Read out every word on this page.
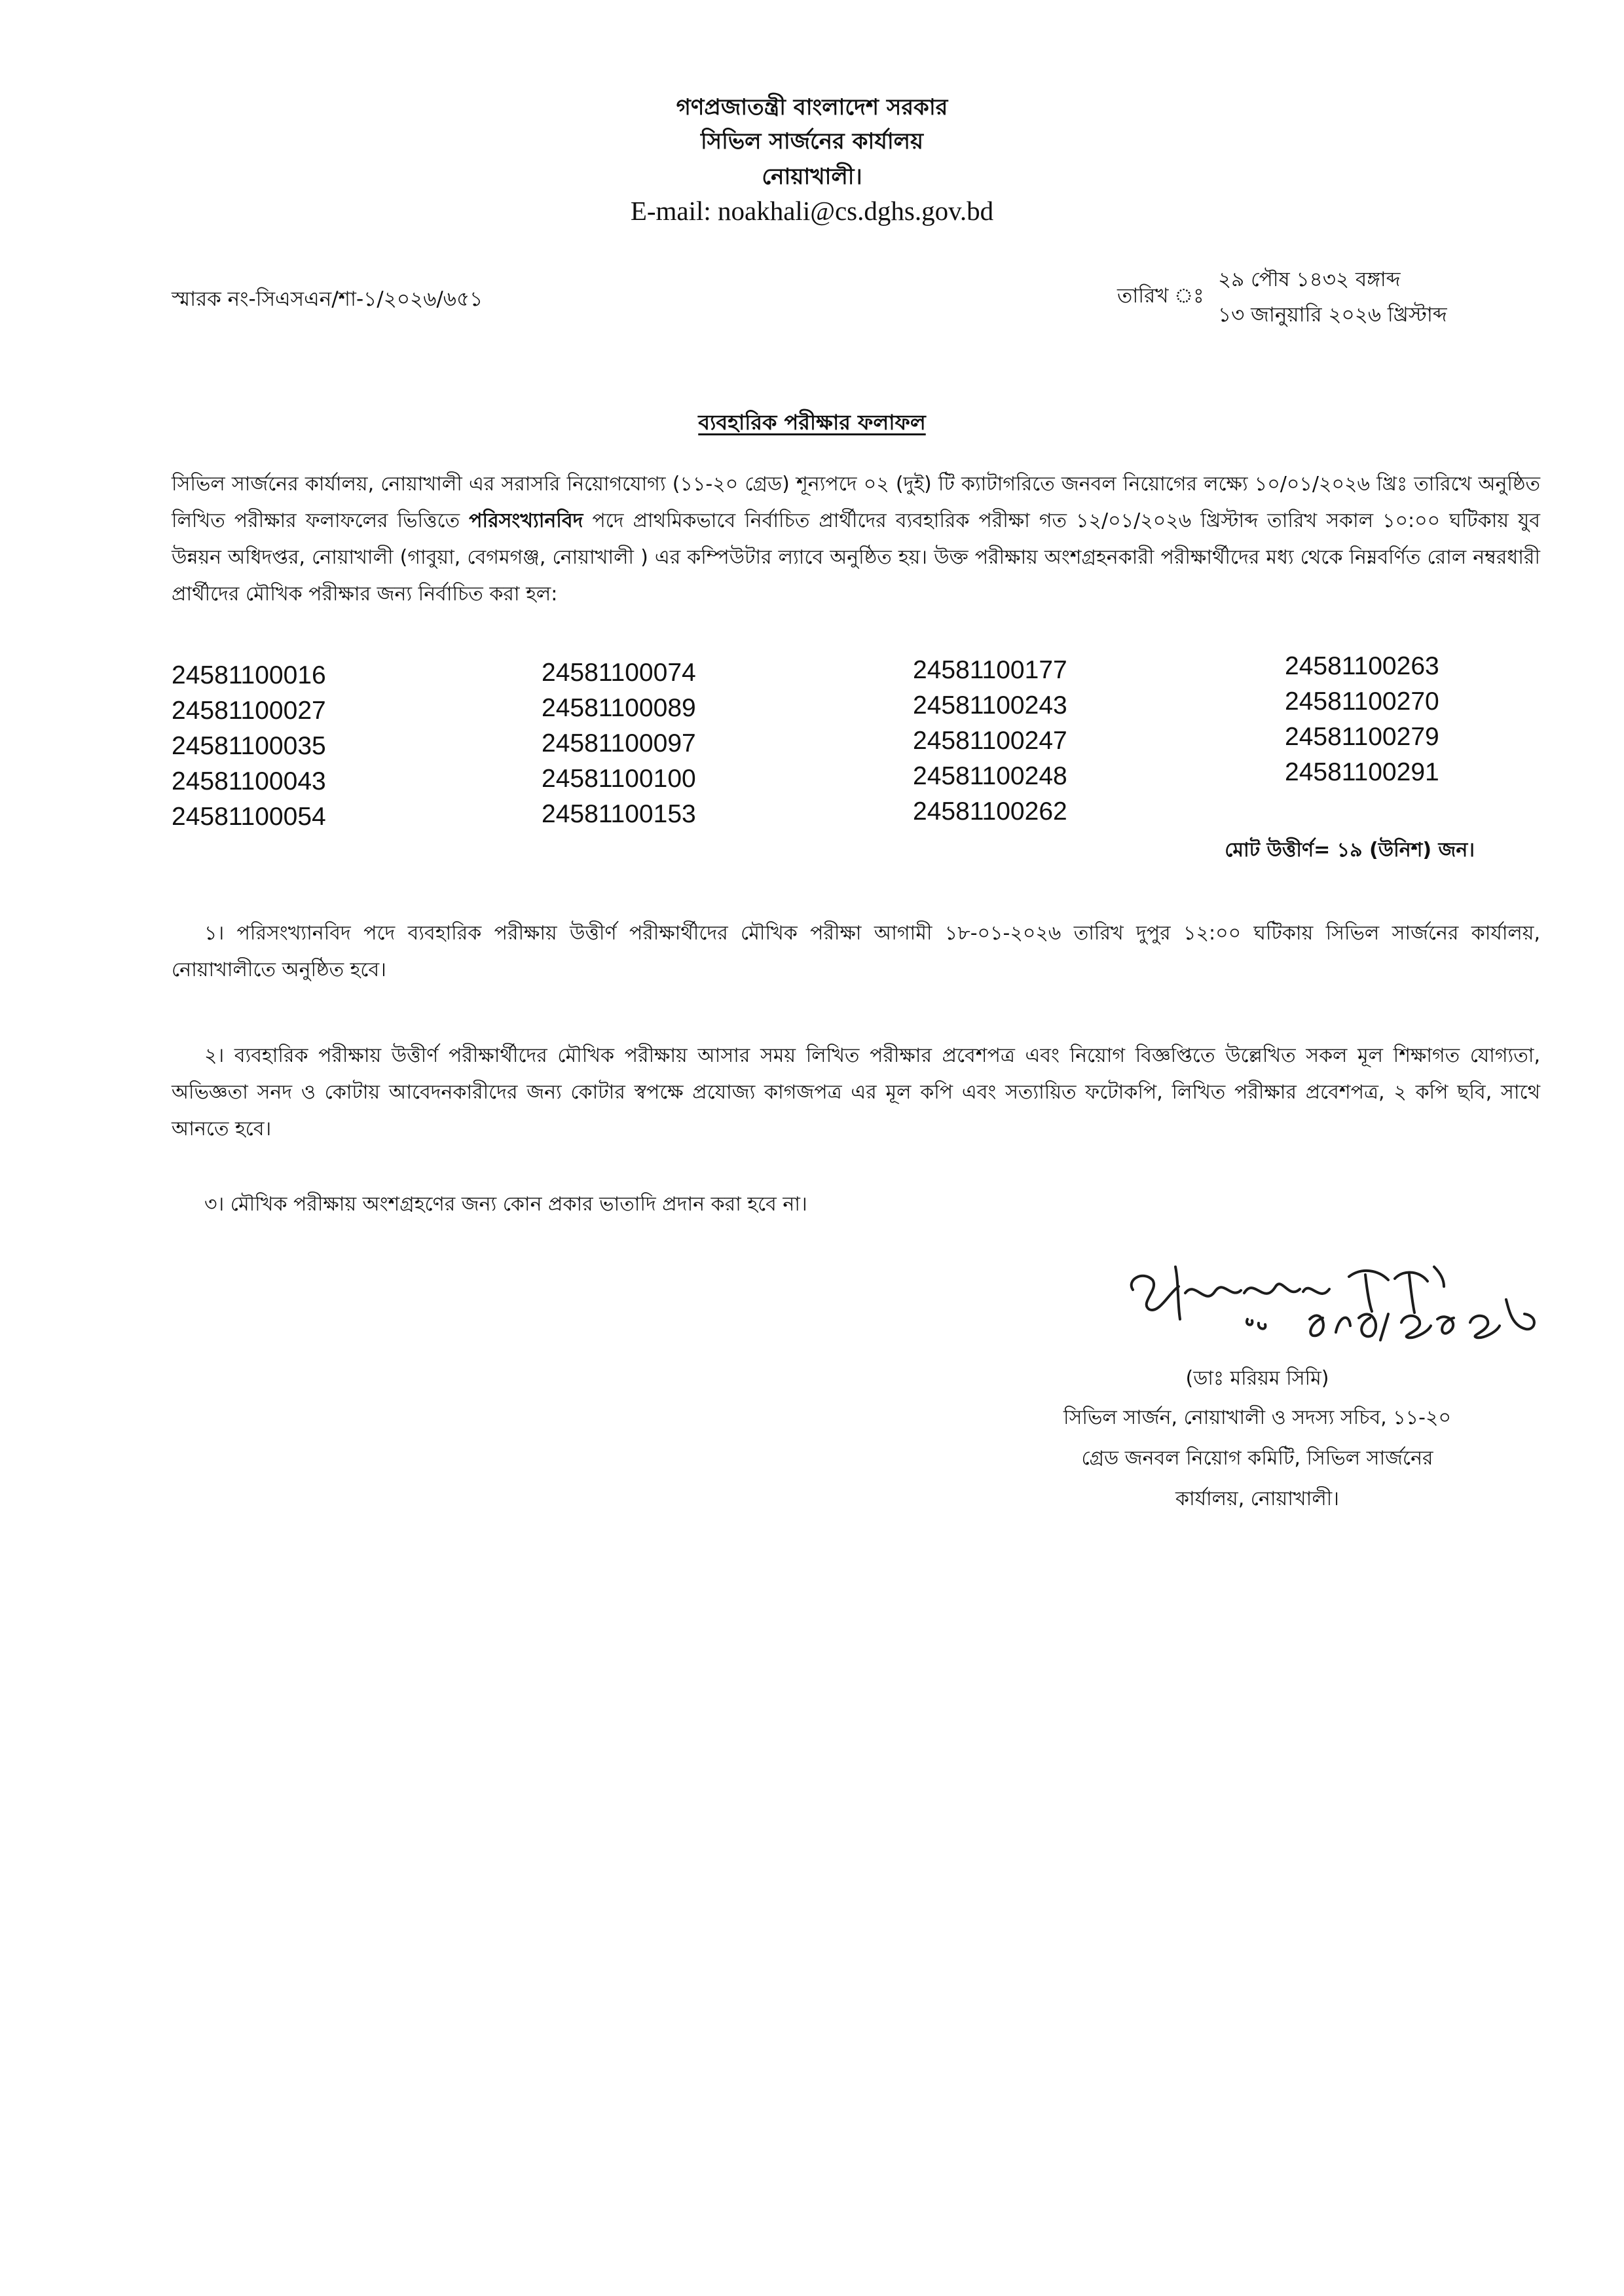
গণপ্রজাতন্ত্রী বাংলাদেশ সরকার
সিভিল সার্জনের কার্যালয়
নোয়াখালী।
E-mail: noakhali@cs.dghs.gov.bd
স্মারক নং-সিএসএন/শা-১/২০২৬/৬৫১	তারিখ ঃ
২৯ পৌষ ১৪৩২ বঙ্গাব্দ
১৩ জানুয়ারি ২০২৬ খ্রিস্টাব্দ
ব্যবহারিক পরীক্ষার ফলাফল
সিভিল সার্জনের কার্যালয়, নোয়াখালী এর সরাসরি নিয়োগযোগ্য (১১-২০ গ্রেড) শূন্যপদে ০২ (দুই) টি ক্যাটাগরিতে জনবল নিয়োগের লক্ষ্যে ১০/০১/২০২৬ খ্রিঃ তারিখে অনুষ্ঠিত লিখিত পরীক্ষার ফলাফলের ভিত্তিতে পরিসংখ্যানবিদ পদে প্রাথমিকভাবে নির্বাচিত প্রার্থীদের ব্যবহারিক পরীক্ষা গত ১২/০১/২০২৬ খ্রিস্টাব্দ তারিখ সকাল ১০:০০ ঘটিকায় যুব উন্নয়ন অধিদপ্তর, নোয়াখালী (গাবুয়া, বেগমগঞ্জ, নোয়াখালী ) এর কম্পিউটার ল্যাবে অনুষ্ঠিত হয়। উক্ত পরীক্ষায় অংশগ্রহনকারী পরীক্ষার্থীদের মধ্য থেকে নিম্নবর্ণিত রোল নম্বরধারী প্রার্থীদের মৌখিক পরীক্ষার জন্য নির্বাচিত করা হল:
24581100016
24581100027
24581100035
24581100043
24581100054
24581100074
24581100089
24581100097
24581100100
24581100153
24581100177
24581100243
24581100247
24581100248
24581100262
24581100263
24581100270
24581100279
24581100291
মোট উত্তীর্ণ= ১৯ (উনিশ) জন।
১। পরিসংখ্যানবিদ পদে ব্যবহারিক পরীক্ষায় উত্তীর্ণ পরীক্ষার্থীদের মৌখিক পরীক্ষা আগামী ১৮-০১-২০২৬ তারিখ দুপুর ১২:০০ ঘটিকায় সিভিল সার্জনের কার্যালয়, নোয়াখালীতে অনুষ্ঠিত হবে।
২। ব্যবহারিক পরীক্ষায় উত্তীর্ণ পরীক্ষার্থীদের মৌখিক পরীক্ষায় আসার সময় লিখিত পরীক্ষার প্রবেশপত্র এবং নিয়োগ বিজ্ঞপ্তিতে উল্লেখিত সকল মূল শিক্ষাগত যোগ্যতা, অভিজ্ঞতা সনদ ও কোটায় আবেদনকারীদের জন্য কোটার স্বপক্ষে প্রযোজ্য কাগজপত্র এর মূল কপি এবং সত্যায়িত ফটোকপি, লিখিত পরীক্ষার প্রবেশপত্র, ২ কপি ছবি, সাথে আনতে হবে।
৩। মৌখিক পরীক্ষায় অংশগ্রহণের জন্য কোন প্রকার ভাতাদি প্রদান করা হবে না।
(ডাঃ মরিয়ম সিমি)
সিভিল সার্জন, নোয়াখালী ও সদস্য সচিব, ১১-২০
গ্রেড জনবল নিয়োগ কমিটি, সিভিল সার্জনের
কার্যালয়, নোয়াখালী।
